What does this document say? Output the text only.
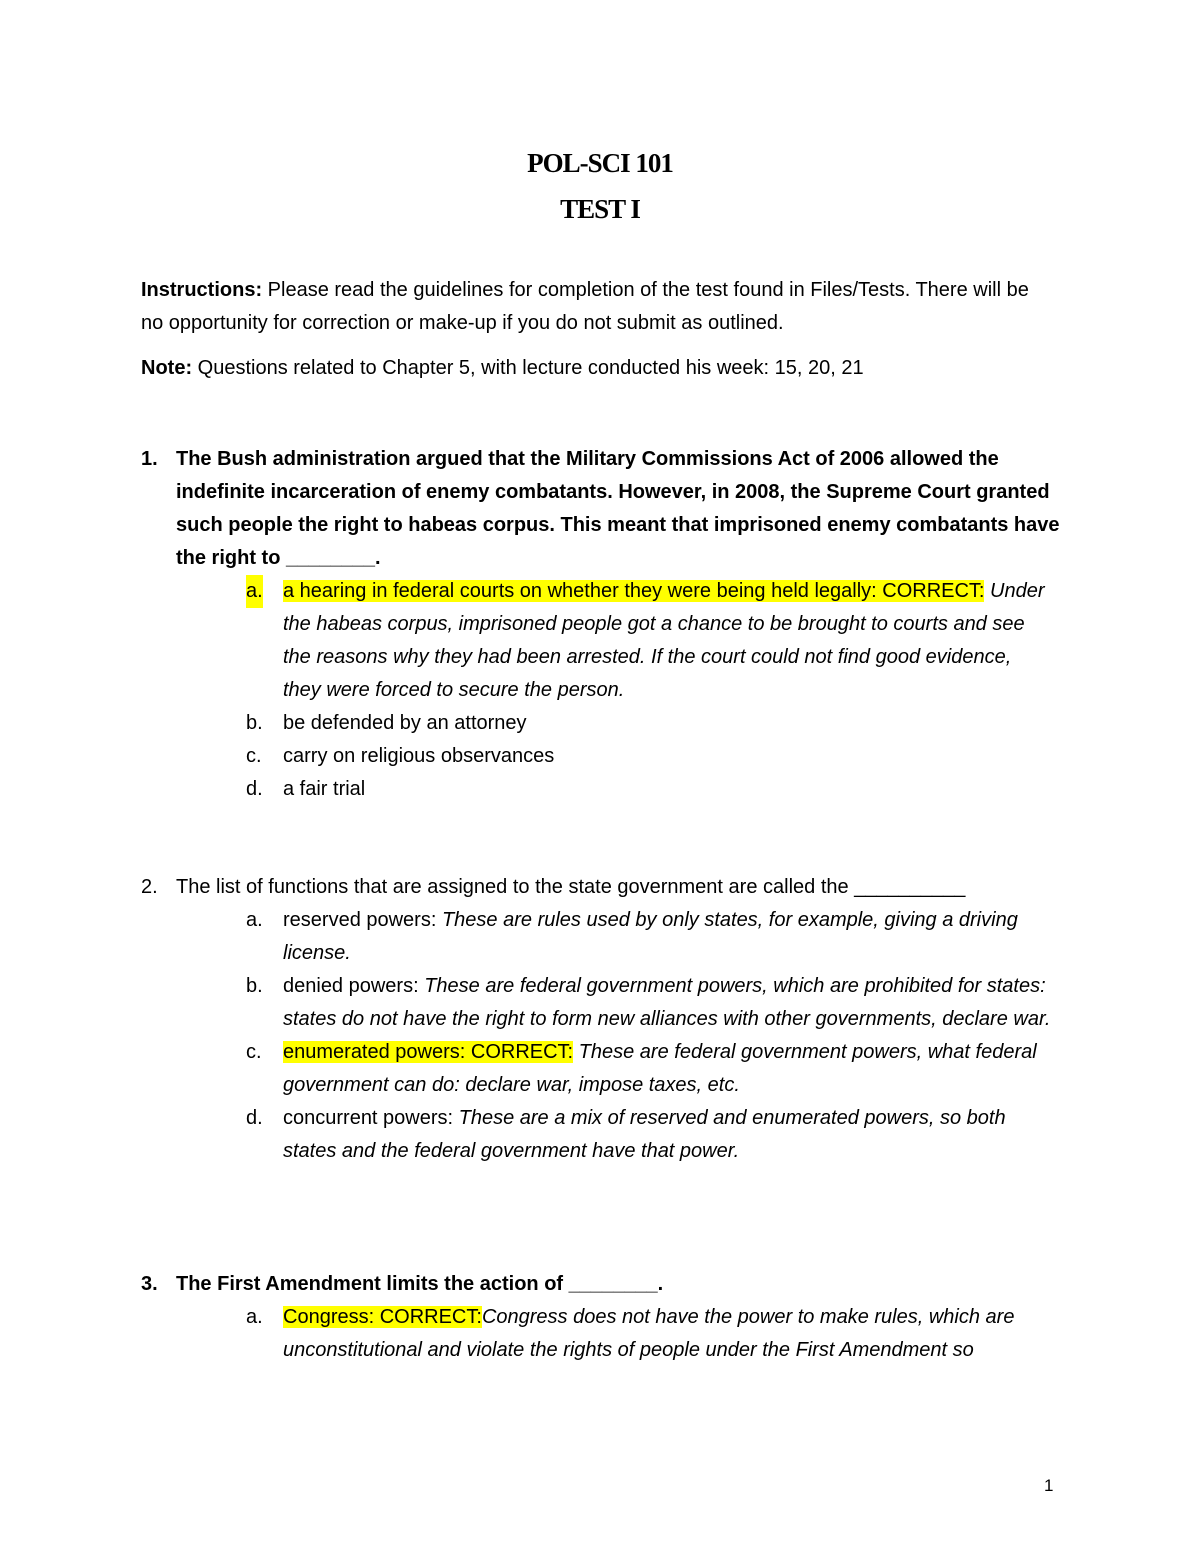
POL-SCI 101
TEST I
Instructions: Please read the guidelines for completion of the test found in Files/Tests. There will be no opportunity for correction or make-up if you do not submit as outlined.
Note: Questions related to Chapter 5, with lecture conducted his week: 15, 20, 21
1. The Bush administration argued that the Military Commissions Act of 2006 allowed the indefinite incarceration of enemy combatants. However, in 2008, the Supreme Court granted such people the right to habeas corpus. This meant that imprisoned enemy combatants have the right to ________.
a. a hearing in federal courts on whether they were being held legally: CORRECT: Under the habeas corpus, imprisoned people got a chance to be brought to courts and see the reasons why they had been arrested. If the court could not find good evidence, they were forced to secure the person.
b. be defended by an attorney
c. carry on religious observances
d. a fair trial
2. The list of functions that are assigned to the state government are called the __________
a. reserved powers: These are rules used by only states, for example, giving a driving license.
b. denied powers: These are federal government powers, which are prohibited for states: states do not have the right to form new alliances with other governments, declare war.
c. enumerated powers: CORRECT: These are federal government powers, what federal government can do: declare war, impose taxes, etc.
d. concurrent powers: These are a mix of reserved and enumerated powers, so both states and the federal government have that power.
3. The First Amendment limits the action of ________.
a. Congress: CORRECT:Congress does not have the power to make rules, which are unconstitutional and violate the rights of people under the First Amendment so
1
